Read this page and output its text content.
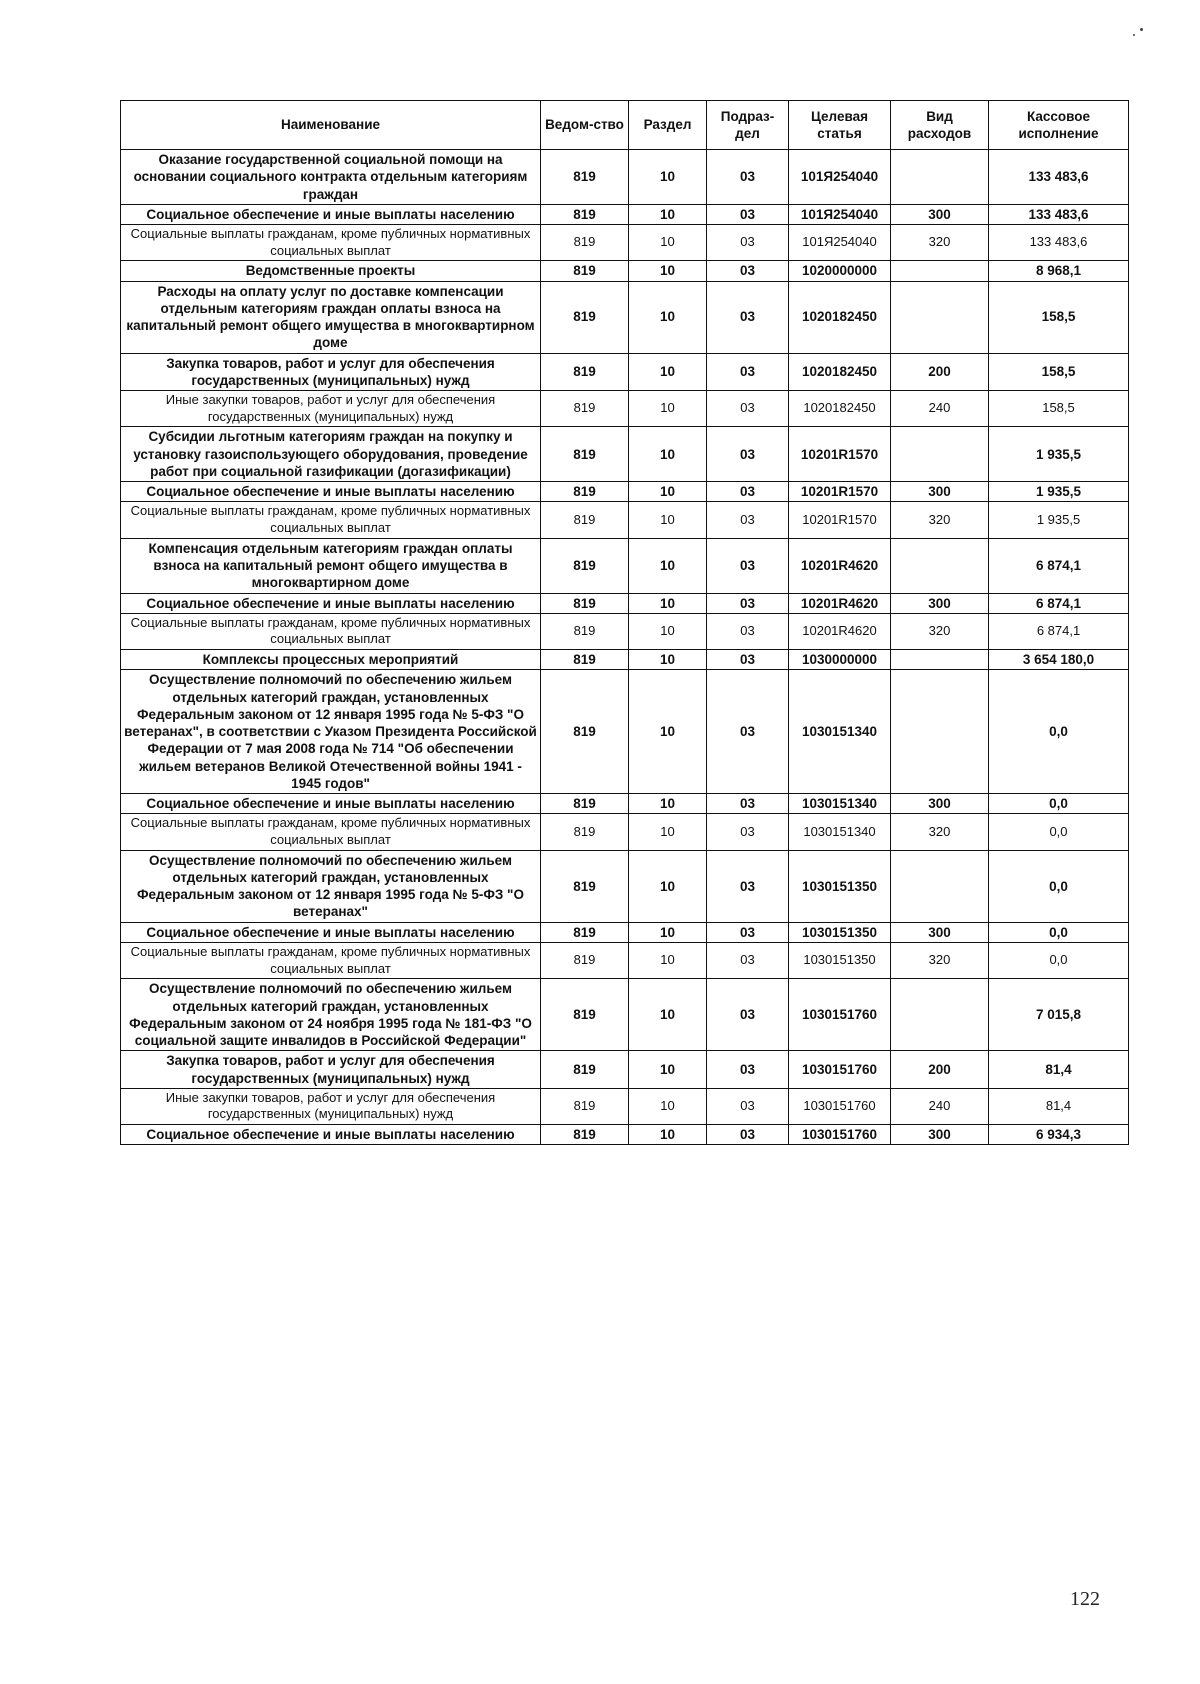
Наименование	Ведом-ство	Раздел	Подраз-дел	Целевая статья	Вид расходов	Кассовое исполнение
Оказание государственной социальной помощи на основании социального контракта отдельным категориям граждан	819	10	03	101Я254040		133 483,6
Социальное обеспечение и иные выплаты населению	819	10	03	101Я254040	300	133 483,6
Социальные выплаты гражданам, кроме публичных нормативных социальных выплат	819	10	03	101Я254040	320	133 483,6
Ведомственные проекты	819	10	03	1020000000		8 968,1
Расходы на оплату услуг по доставке компенсации отдельным категориям граждан оплаты взноса на капитальный ремонт общего имущества в многоквартирном доме	819	10	03	1020182450		158,5
Закупка товаров, работ и услуг для обеспечения государственных (муниципальных) нужд	819	10	03	1020182450	200	158,5
Иные закупки товаров, работ и услуг для обеспечения государственных (муниципальных) нужд	819	10	03	1020182450	240	158,5
Субсидии льготным категориям граждан на покупку и установку газоиспользующего оборудования, проведение работ при социальной газификации (догазификации)	819	10	03	10201R1570		1 935,5
Социальное обеспечение и иные выплаты населению	819	10	03	10201R1570	300	1 935,5
Социальные выплаты гражданам, кроме публичных нормативных социальных выплат	819	10	03	10201R1570	320	1 935,5
Компенсация отдельным категориям граждан оплаты взноса на капитальный ремонт общего имущества в многоквартирном доме	819	10	03	10201R4620		6 874,1
Социальное обеспечение и иные выплаты населению	819	10	03	10201R4620	300	6 874,1
Социальные выплаты гражданам, кроме публичных нормативных социальных выплат	819	10	03	10201R4620	320	6 874,1
Комплексы процессных мероприятий	819	10	03	1030000000		3 654 180,0
Осуществление полномочий по обеспечению жильем отдельных категорий граждан, установленных Федеральным законом от 12 января 1995 года № 5-ФЗ "О ветеранах", в соответствии с Указом Президента Российской Федерации от 7 мая 2008 года № 714 "Об обеспечении жильем ветеранов Великой Отечественной войны 1941 - 1945 годов"	819	10	03	1030151340		0,0
Социальное обеспечение и иные выплаты населению	819	10	03	1030151340	300	0,0
Социальные выплаты гражданам, кроме публичных нормативных социальных выплат	819	10	03	1030151340	320	0,0
Осуществление полномочий по обеспечению жильем отдельных категорий граждан, установленных Федеральным законом от 12 января 1995 года № 5-ФЗ "О ветеранах"	819	10	03	1030151350		0,0
Социальное обеспечение и иные выплаты населению	819	10	03	1030151350	300	0,0
Социальные выплаты гражданам, кроме публичных нормативных социальных выплат	819	10	03	1030151350	320	0,0
Осуществление полномочий по обеспечению жильем отдельных категорий граждан, установленных Федеральным законом от 24 ноября 1995 года № 181-ФЗ "О социальной защите инвалидов в Российской Федерации"	819	10	03	1030151760		7 015,8
Закупка товаров, работ и услуг для обеспечения государственных (муниципальных) нужд	819	10	03	1030151760	200	81,4
Иные закупки товаров, работ и услуг для обеспечения государственных (муниципальных) нужд	819	10	03	1030151760	240	81,4
Социальное обеспечение и иные выплаты населению	819	10	03	1030151760	300	6 934,3
122
